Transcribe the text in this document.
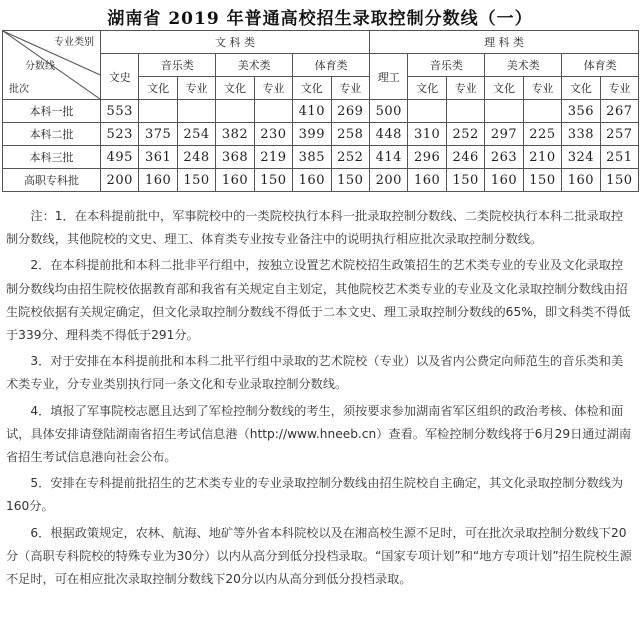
湖南省 2019 年普通高校招生录取控制分数线（一）
专业类别
分数线
批次	文 科 类							理 科 类						
	文史	音乐类		美术类		体育类		理工	音乐类		美术类		体育类	
		文化	专业	文化	专业	文化	专业		文化	专业	文化	专业	文化	专业
本科一批	553					410	269	500					356	267
本科二批	523	375	254	382	230	399	258	448	310	252	297	225	338	257
本科三批	495	361	248	368	219	385	252	414	296	246	263	210	324	251
高职专科批	200	160	150	160	150	160	150	200	160	150	160	150	160	150

注：1．在本科提前批中，军事院校中的一类院校执行本科一批录取控制分数线、二类院校执行本科二批录取控制分数线，其他院校的文史、理工、体育类专业按专业备注中的说明执行相应批次录取控制分数线。

2．在本科提前批和本科二批非平行组中，按独立设置艺术院校招生政策招生的艺术类专业的专业及文化录取控制分数线均由招生院校依据教育部和我省有关规定自主划定，其他院校艺术类专业的专业及文化录取控制分数线由招生院校依据有关规定确定，但文化录取控制分数线不得低于二本文史、理工录取控制分数线的65%，即文科类不得低于339分、理科类不得低于291分。

3．对于安排在本科提前批和本科二批平行组中录取的艺术院校（专业）以及省内公费定向师范生的音乐类和美术类专业，分专业类别执行同一条文化和专业录取控制分数线。

4．填报了军事院校志愿且达到了军检控制分数线的考生，须按要求参加湖南省军区组织的政治考核、体检和面试，具体安排请登陆湖南省招生考试信息港（http://www.hneeb.cn）查看。军检控制分数线将于6月29日通过湖南省招生考试信息港向社会公布。

5．安排在专科提前批招生的艺术类专业的专业录取控制分数线由招生院校自主确定，其文化录取控制分数线为160分。

6．根据政策规定，农林、航海、地矿等外省本科院校以及在湘高校生源不足时，可在批次录取控制分数线下20分（高职专科院校的特殊专业为30分）以内从高分到低分投档录取。“国家专项计划”和“地方专项计划”招生院校生源不足时，可在相应批次录取控制分数线下20分以内从高分到低分投档录取。
